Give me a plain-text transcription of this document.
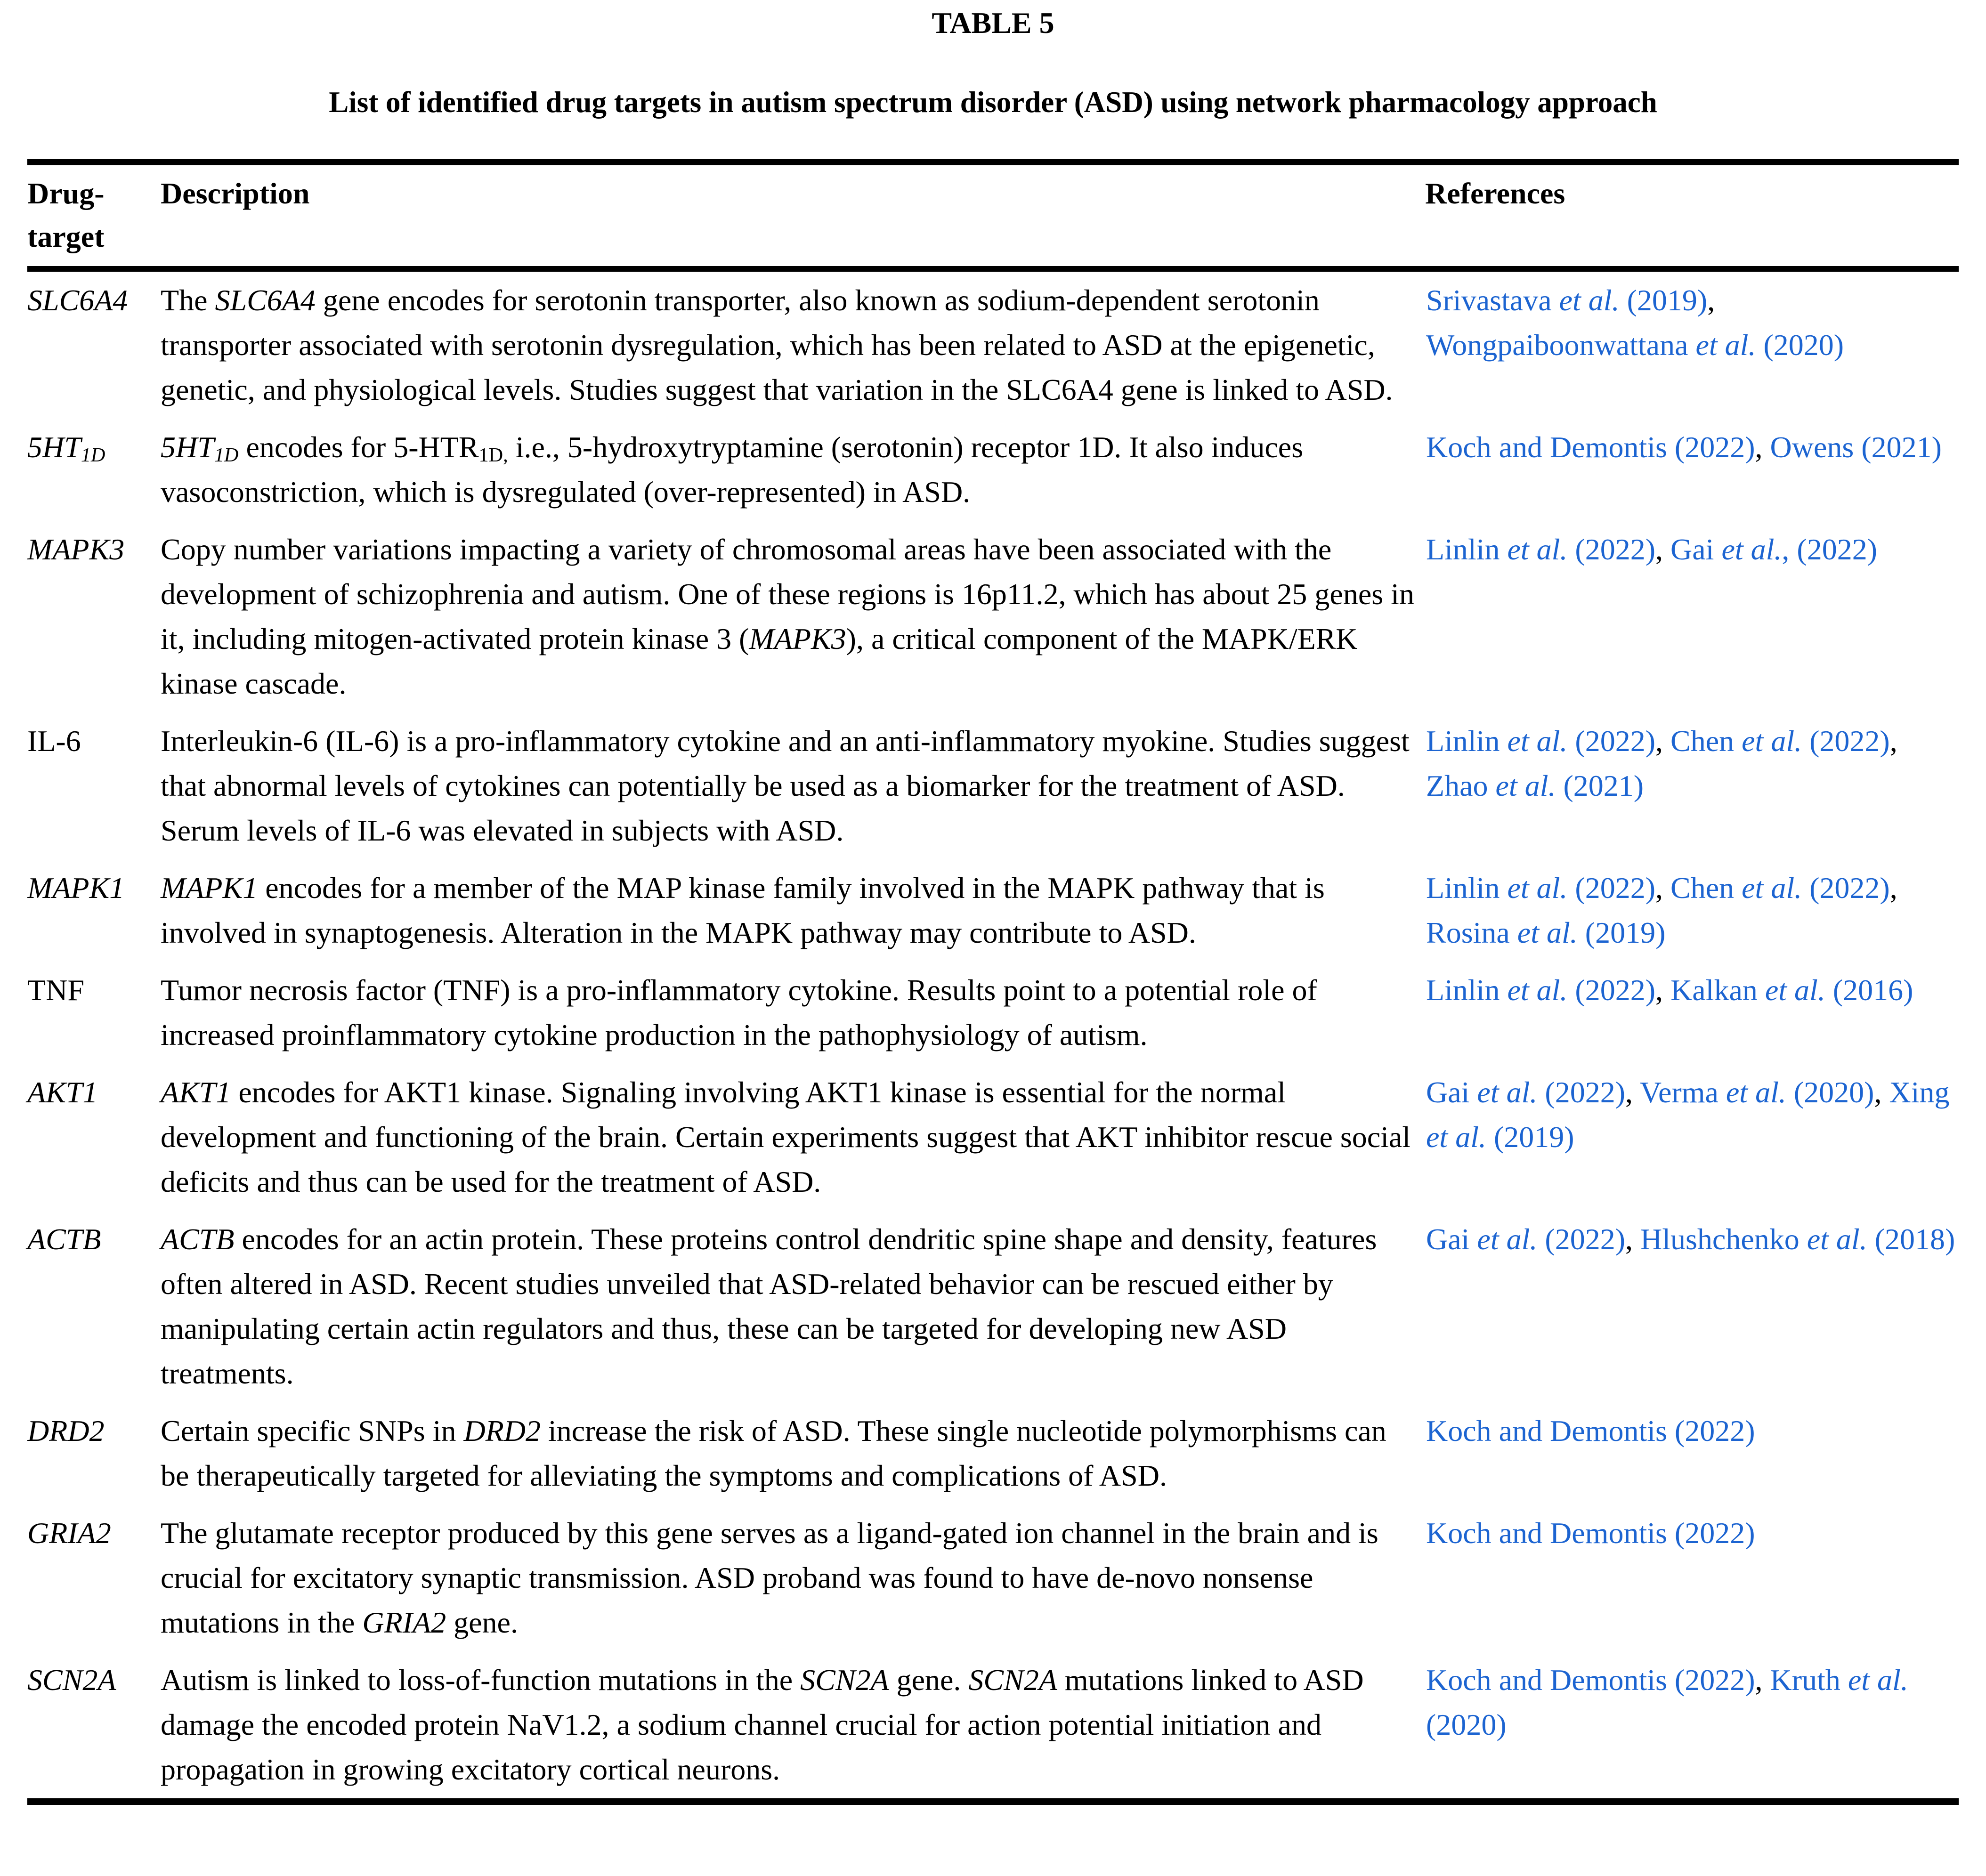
TABLE 5
List of identified drug targets in autism spectrum disorder (ASD) using network pharmacology approach
Drug-target	Description	References
SLC6A4	The SLC6A4 gene encodes for serotonin transporter, also known as sodium-dependent serotonin transporter associated with serotonin dysregulation, which has been related to ASD at the epigenetic, genetic, and physiological levels. Studies suggest that variation in the SLC6A4 gene is linked to ASD.	Srivastava et al. (2019), Wongpaiboonwattana et al. (2020)
$5HT_{1D}$	$5HT_{1D}$ encodes for $5-HTR_{1D,}$ i.e., 5-hydroxytryptamine (serotonin) receptor 1D. It also induces vasoconstriction, which is dysregulated (over-represented) in ASD.	Koch and Demontis (2022), Owens (2021)
MAPK3	Copy number variations impacting a variety of chromosomal areas have been associated with the development of schizophrenia and autism. One of these regions is 16p11.2, which has about 25 genes in it, including mitogen-activated protein kinase 3 (MAPK3), a critical component of the MAPK/ERK kinase cascade.	Linlin et al. (2022), Gai et al., (2022)
IL-6	Interleukin-6 (IL-6) is a pro-inflammatory cytokine and an anti-inflammatory myokine. Studies suggest that abnormal levels of cytokines can potentially be used as a biomarker for the treatment of ASD. Serum levels of IL-6 was elevated in subjects with ASD.	Linlin et al. (2022), Chen et al. (2022), Zhao et al. (2021)
MAPK1	MAPK1 encodes for a member of the MAP kinase family involved in the MAPK pathway that is involved in synaptogenesis. Alteration in the MAPK pathway may contribute to ASD.	Linlin et al. (2022), Chen et al. (2022), Rosina et al. (2019)
TNF	Tumor necrosis factor (TNF) is a pro-inflammatory cytokine. Results point to a potential role of increased proinflammatory cytokine production in the pathophysiology of autism.	Linlin et al. (2022), Kalkan et al. (2016)
AKT1	AKT1 encodes for AKT1 kinase. Signaling involving AKT1 kinase is essential for the normal development and functioning of the brain. Certain experiments suggest that AKT inhibitor rescue social deficits and thus can be used for the treatment of ASD.	Gai et al. (2022), Verma et al. (2020), Xing et al. (2019)
ACTB	ACTB encodes for an actin protein. These proteins control dendritic spine shape and density, features often altered in ASD. Recent studies unveiled that ASD-related behavior can be rescued either by manipulating certain actin regulators and thus, these can be targeted for developing new ASD treatments.	Gai et al. (2022), Hlushchenko et al. (2018)
DRD2	Certain specific SNPs in DRD2 increase the risk of ASD. These single nucleotide polymorphisms can be therapeutically targeted for alleviating the symptoms and complications of ASD.	Koch and Demontis (2022)
GRIA2	The glutamate receptor produced by this gene serves as a ligand-gated ion channel in the brain and is crucial for excitatory synaptic transmission. ASD proband was found to have de-novo nonsense mutations in the GRIA2 gene.	Koch and Demontis (2022)
SCN2A	Autism is linked to loss-of-function mutations in the SCN2A gene. SCN2A mutations linked to ASD damage the encoded protein NaV1.2, a sodium channel crucial for action potential initiation and propagation in growing excitatory cortical neurons.	Koch and Demontis (2022), Kruth et al. (2020)
